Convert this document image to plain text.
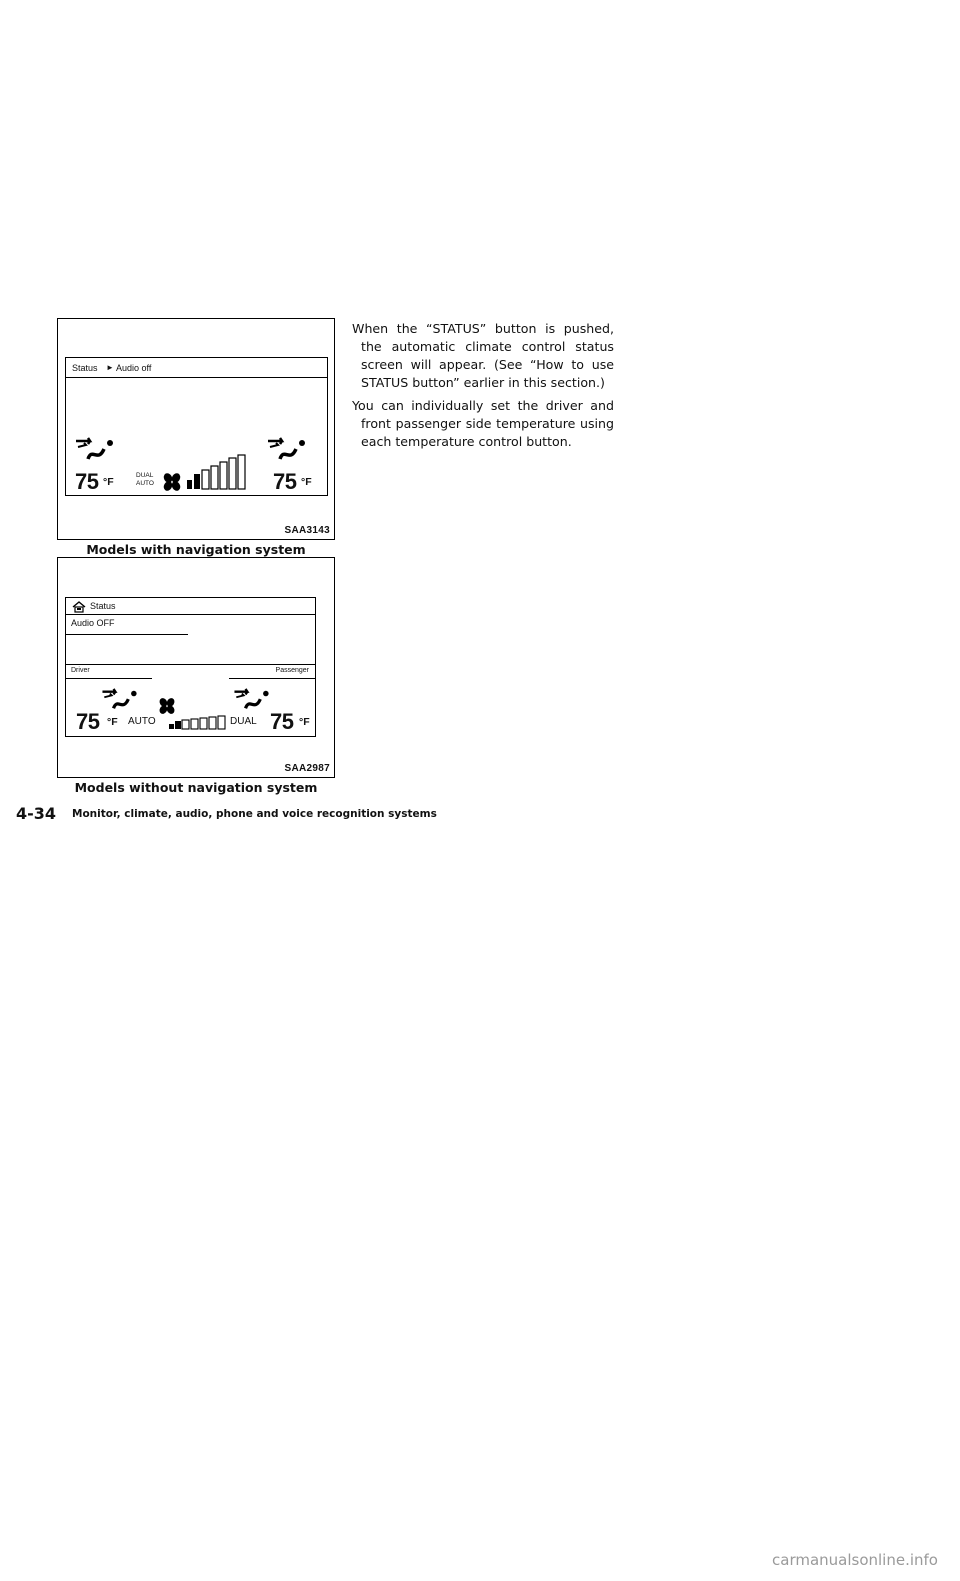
Status ► Audio off
75 °F
DUAL
AUTO	75 °F
SAA3143
Models with navigation system
Status
Audio OFF
Driver	Passenger
75 °F AUTO	DUAL 75 °F
SAA2987
Models without navigation system

When the “STATUS” button is pushed, the automatic climate control status screen will appear. (See “How to use STATUS button” earlier in this section.)

You can individually set the driver and front passenger side temperature using each temperature control button.

4-34 Monitor, climate, audio, phone and voice recognition systems
carmanualsonline.info
